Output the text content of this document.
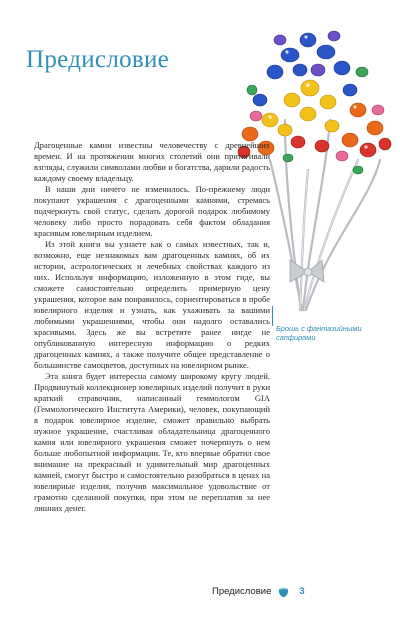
Предисловие
Брошь с фантазийными сапфирами

Драгоценные камни известны человечеству с древнейших времен. И на протяжении многих столетий они притягивали взгляды, служили символами любви и богатства, дарили радость каждому своему владельцу.

В наши дни ничего не изменилось. По-прежнему люди покупают украшения с драгоценными камнями, стремясь подчеркнуть свой статус, сделать дорогой подарок любимому человеку либо просто порадовать себя фактом обладания красивым ювелирным изделием.

Из этой книги вы узнаете как о самых известных, так и, возможно, еще незнакомых вам драгоценных камнях, об их истории, астрологических и лечебных свойствах каждого из них. Используя информацию, изложенную в этом гиде, вы сможете самостоятельно определить примерную цену украшения, которое вам понравилось, сориентироваться в пробе ювелирного изделия и узнать, как ухаживать за вашими любимыми украшениями, чтобы они надолго оставались красивыми. Здесь же вы встретите ранее нигде не опубликованную интересную информацию о редких драгоценных камнях, а также получите общее представление о большинстве самоцветов, доступных на ювелирном рынке.

Эта книга будет интересна самому широкому кругу людей. Продвинутый коллекционер ювелирных изделий получит в руки краткий справочник, написанный геммологом GIA (Геммологического Института Америки), человек, покупающий в подарок ювелирное изделие, сможет правильно выбрать нужное украшение, счастливая обладательница драгоценного камня или ювелирного украшения сможет почерпнуть о нем больше любопытной информации. Те, кто впервые обратил свое внимание на прекрасный и удивительный мир драгоценных камней, смогут быстро и самостоятельно разобраться в ценах на ювелирные изделия, получив максимальное удовольствие от грамотно сделанной покупки, при этом не переплатив за нее лишних денег.

Предисловие	3
